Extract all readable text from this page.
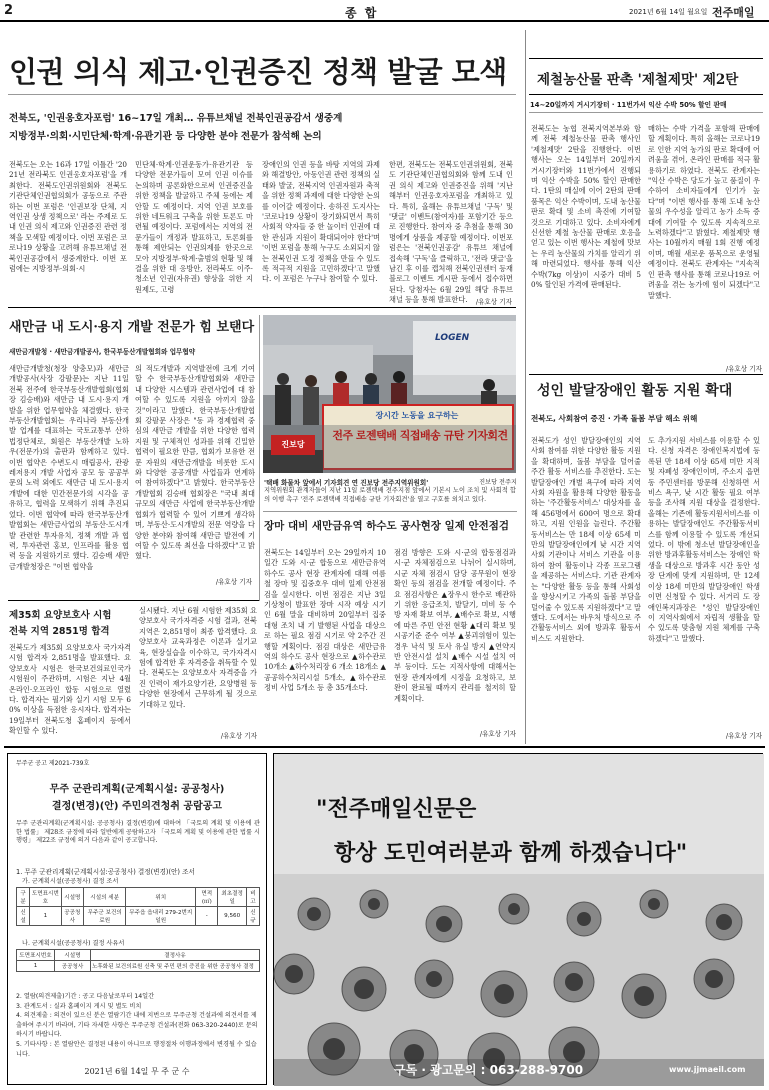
2	종 합	2021년 6월 14일 월요일 전주매일
인권 의식 제고·인권증진 정책 발굴 모색
전북도, '인권옹호자포럼' 16~17일 개최… 유튜브채널 전북인권공감서 생중계
지방정부·의회·시민단체·학계·유관기관 등 다양한 분야 전문가 참석해 논의
전북도는 오는 16과 17일 이틀간 '2021년 전라북도 인권옹호자포럼'을 개최한다. 전북도인권위원회와 전북도 기관단체인권협의회가 공동으로 주관하는 이번 포럼은 '인권보장 단체, 지역인권 상생 정책으로' 라는 주제로 도내 인권 의식 제고와 인권증진 관련 정책을 모색할 예정이다. 이번 포럼은 코로나19 상황을 고려해 유튜브채널 전북인권공감에서 생중계한다. 이번 포럼에는 지방정부·의회·시
민단체·학계·인권운동가·유관기관 등 다양한 전문가들이 모여 인권 이슈를 논의하며 공론화한으로써 인권증진을 위한 정책을 발굴하고 주체 등에는 제안할 도 예정이다. 지역 인권 보호를 위한 네트워크 구축을 위한 토론도 마련될 예정이다. 포럼에서는 지역의 전문가들이 개정과 발표하고, 토론회를 통해 제안되는 인권의제를 한곳으로 모아 지방정부·학계·출범의 현황 및 해결을 위한 대 응방안, 전라북도 이주·청소년 인권(자유권) 향상을 위한 지원제도, 고령
장애인의 인권 등을 바탕 지역의 과제와 해결방안, 아동인권 관련 정책의 실태와 발굴, 전북지역 인권자원과 축적을 위한 정책 과제에 대한 다양한 논의를 이어갈 예정이다. 송하진 도지사는 '코로나19 상황이 장기화되면서 특히 사회적 약자들 중 한 놀이터 인권에 대한 관심과 지원이 확대되어야 한다'며 '이번 포럼을 통해 누구도 소외되지 않는 전북인권 도정 정책을 만들 수 있도록 적극적 지원을 고민하겠다'고 말했다. 이 포럼은 누구나 참여할 수 있다.
한편, 전북도는 전북도인권위원회, 전북도 기관단체인권협의회와 함께 도내 인권 의식 제고와 인권증진을 위해 '지난해부터 인권옹호자포럼을 개최하고 있다. 특히, 올해는 유튜브채널 '구독' 및 '댓글' 이벤트(참여자)를 포함기간 등으로 진행한다. 참여자 중 추첨을 통해 30명에게 상품을 제공할 예정이다. 이번포럼은는 '전북인권공감' 유튜브 채널에 접속해 '구독'을 클릭하고, '전라 댓글'을 남긴 후 이를 캡처해 전북인권센터 등재 블로그 이벤트 게시판 등에서 접수하면 된다. 당첨자는 6월 29일 해당 유튜브채널 등을 통해 발표한다.	/유호상 기자
새만금 내 도시·용지 개발 전문가 힘 보탠다
새만금개발청 · 새만금개발공사, 한국부동산개발협회와 업무협약
새만금개발청(청장 양충모)과 새만금개발공사(사장 강팔문)는 지난 11일 전북 전주에 한국부동산개발협회(협회장 김승배)와 새만금 내 도시·용지 개발을 위한 업무협약을 체결했다. 한국부동산개발협회는 우리나라 부동산개발 업계를 대표하는 국토교통부 산하 법정단체로, 회원은 부동산개발 노하우(전문가)의 출판과 함께하고 있다. 이번 협약은 수변도시 매립공사, 관광레저용지 개발 사업자 공모 등 공공부문의 노력 외에도 새만금 내 도시·용지개발에 대한 민간전문가의 시각을 공유하고, 협력을 모색하기 위해 추진되었다. 이번 협약에 따라 한국부동산개발협회는 새만금사업의 부동산·도시개발 관련한 투자유치, 정책 개발 과 협력, 투자관련 홍보, 인프라를 활용 협력 등을 지원하기로 했다. 김승배 새만금개발청장은 "이번 협약을
의 적도개발과 지역발전에 크게 기여할 수 한국부동산개발협회와 새만금 내 다양한 시스템과 관련사업에 대 참여할 수 있도록 지원을 아끼지 않을 것"이라고 말했다. 한국부동산개발협회 강팔문 사장은 "동 과 경제협력 중심의 새만금 개발을 위한 다양한 협력 지원 및 구체적인 성과를 위해 긴밀한 협력이 필요한 만큼, 협회가 보유한 전문 자원의 새만금개발을 비롯한 도시와 다양한 공공개발 사업들과 연계하여 참여하겠다"고 밝혔다. 한국부동산개발협회 김승배 협회장은 "국내 최대 규모의 새만금 사업에 한국부동산개발협회가 협력할 수 있어 기쁘게 생각하며, 부동산·도시개발의 전문 역량을 다양한 분야와 참여해 새만금 발전에 기여할 수 있도록 최선을 다하겠다"고 밝혔다.
/유호상 기자
LOGEN
장시간 노동을 요구하는
전주 로젠택배 직접배송 규탄 기자회견
진보당
'택배 화물차 앞에서 기자회견 연 진보당 전주지역위원회'	진보당 전주지
지역위원회 관계자들이 지난 11일 로젠택배 전주지점 앞에서 기본시 노이 조치 및 사회적 합의 이행 촉구 '전주 로젠택배 직접배송 규탄 기자회견'을 열고 구호를 외치고 있다.
장마 대비 새만금유역 하수도 공사현장 일제 안전점검
전북도는 14일부터 오는 29일까지 10일간 도와 시·군 합동으로 새만금유역 하수도 공사 현장 관계자에 대해 여름철 장마 및 집중호우 대비 일제 안전점검을 실시한다. 이번 점검은 지난 3일 기상청이 발표한 장마 시작 예상 시기인 6월 말을 대비하며 20일부터 집중 대형 조치 내 기 발행된 사업을 대상으로 하는 필요 점검 시기로 약 2주간 진행할 계획이다. 점검 대상은 새만금유역의 하수도 공사 현장으로 ▲하수관로 10개소 ▲하수처리장 6 개소 18개소 ▲공공하수처리시설 5개소, ▲하수관로 정비 사업 5개소 등 총 35개소다.
점검 방향은 도와 시·군의 합동점검과 시·군 자체점검으로 나뉘어 실시하며, 시군 자체 점검시 담당 공무원이 현장 확인 등의 점검을 전개할 예정이다. 주요 점검사항은 ▲장우시 한수로 배관하기 위한 응급조치, 발달기, 미비 등 수방 자재 확보 여부, ▲배수로 확보, 시행에 따른 주민 안전 현황 ▲대리 확보 및 시공기준 준수 여부 ▲붕괴위험이 있는 경우 낙석 및 토사 유실 방지 ▲연약지반 안전시설 설치 ▲배수 시설 설치 여부 등이다. 도는 지적사항에 대해서는 현장 관계자에게 시정을 요청하고, 보완이 완료될 때까지 관리를 철저히 할 계획이다.
/유호상 기자
제35회 요양보호사 시험
전북 지역 2851명 합격
전북도가 제35회 요양보호사 국가자격시험 합격자 2,851명을 발표했다. 요양보호사 시험은 한국보건의료인국가시험원이 주관하며, 시험은 지난 4월 온라인·오프라인 합동 시험으로 열렸다. 합격자는 필기와 실기 시험 모두 60% 이상을 득점한 응시자다. 합격자는 19일부터 전북도청 홈페이지 등에서 확인할 수 있다.
실시됐다. 지난 6월 시험한 제35회 요양보호사 국가자격증 시험 결과, 전북 지역은 2,851명이 최종 합격했다. 요양보호사 교육과정은 이론과 실기교육, 현장실습을 이수하고, 국가자격시험에 합격한 후 자격증을 취득할 수 있다. 전북도는 요양보호사 자격증을 가진 인력이 재가요양기관, 요양병원 등 다양한 현장에서 근무하게 될 것으로 기대하고 있다.
/유호상 기자
제철농산물 판촉 '제철제맛' 제2탄
14~20일까지 거시기장터 · 11번가서 익산 수박 50% 할인 판매
전북도는 농협 전북지역본부와 함께 전북 제철농산물 판촉 행사인 '제철제맛' 2탄을 진행한다. 이번 행사는 오는 14일부터 20일까지 거시기장터와 11번가에서 진행되며 익산 수박을 50% 할인 판매한다. 1탄의 매실에 이어 2탄의 판매 품목은 익산 수박이며, 도내 농산물 판로 확대 및 소비 촉진에 기여할 것으로 기대하고 있다. 소비자에게 신선한 제철 농산물 판매로 호응을 얻고 있는 이번 행사는 제철에 맛보는 우리 농산물의 가치를 알리기 위해 마련되었다. 행사를 통해 익산 수박(7kg 이상)이 시중가 대비 50% 할인된 가격에 판매된다.
매하는 수박 가격을 포함해 판매에 할 계획이다. 특히 올해는 코로나19로 인한 지역 농가의 판로 확대에 어려움을 겪어, 온라인 판매를 적극 활용하기로 하였다. 전북도 관계자는 "익산 수박은 당도가 높고 품질이 우수하여 소비자들에게 인기가 높다"며 "이번 행사를 통해 도내 농산물의 우수성을 알리고 농가 소득 증대에 기여할 수 있도록 지속적으로 노력하겠다"고 밝혔다. 제철제맛 행사는 10월까지 매월 1회 진행 예정이며, 매월 새로운 품목으로 운영될 예정이다. 전북도 관계자는 "지속적인 판촉 행사를 통해 코로나19로 어려움을 겪는 농가에 힘이 되겠다"고 말했다.
/유호상 기자
성인 발달장애인 활동 지원 확대
전북도, 사회참여 증진 · 가족 돌봄 부담 해소 위해
전북도가 성인 발달장애인의 지역사회 참여를 위한 다양한 활동 지원을 확대하며, 돌봄 부담을 덜어줄 주간 활동 서비스를 추진한다. 도는 발달장애인 개별 욕구에 따라 지역사회 자원을 활용해 다양한 활동을 하는 '주간활동서비스' 대상자를 올해 456명에서 600여 명으로 확대하고, 지원 인원을 늘린다. 주간활동서비스는 만 18세 이상 65세 미만의 발달장애인에게 낮 시간 지역사회 기관이나 서비스 기관을 이용하여 참여 활동이나 각종 프로그램을 제공하는 서비스다. 기관 관계자는 "다양한 활동 등을 통해 사회성을 향상시키고 가족의 돌봄 부담을 덜어줄 수 있도록 지원하겠다"고 말했다. 도에서는 바우처 방식으로 주간활동서비스 외에 방과후 활동서비스도 지원한다.
도 추가지원 서비스를 이용할 수 있다. 신청 자격은 장애인복지법에 등록된 만 18세 이상 65세 미만 지적 및 자폐성 장애인이며, 주소지 읍면동 주민센터를 방문해 신청하면 서비스 욕구, 낮 시간 활동 필요 여부 등을 조사해 지원 대상을 결정한다. 올해는 기존에 활동지원서비스를 이용하는 발달장애인도 주간활동서비스를 함께 이용할 수 있도록 개선되었다. 이 밖에 청소년 발달장애인을 위한 방과후활동서비스는 장애인 학생을 대상으로 방과후 시간 동안 성장 단계에 맞게 지원하며, 만 12세 이상 18세 미만의 발달장애인 학생이면 신청할 수 있다. 서거리 도 장애인복지과장은 "성인 발달장애인이 지역사회에서 자립적 생활을 할 수 있도록 맞춤형 지원 체계를 구축하겠다"고 말했다.
/유호상 기자
무주군 공고 제2021-739호
무주 군관리계획(군계획시설: 공공청사)
결정(변경)(안) 주민의견청취 공람공고
무주 군관리계획(군계획시설: 공공청사) 결정(변경)에 대하여 「국토의 계획 및 이용에 관한 법률」 제28조 규정에 따라 일반에게 공람하고자 「국토의 계획 및 이용에 관한 법률 시행령」 제22조 규정에 의거 다음과 같이 공고합니다.
1. 무주 군관리계획(군계획시설:공공청사) 결정(변경)(안) 조서
가. 군계획시설(공공청사) 결정 조서
구분	도면표시번호	시설명	시설의 세분	위치	면적(㎡)	최초결정일	비고
신설	1	공공청사	무주군 보건의료원	무주읍 읍내리 279-2번지 일원	-	9,560	신규
나. 군계획시설(공공청사) 결정 사유서
도면표시번호	시설명	결정사유
1	공공청사	노후화된 보건의료원 신축 및 주민 편의 증진을 위한 공공청사 결정
2. 열람(의견제출)기간 : 공고 다음날로부터 14일간
3. 관계도서 : 실과 홈페이지 게시 및 별도 비치
4. 의견제출 : 의견이 있으신 분은 열람기간 내에 지번으로 무주군청 건설과에 의견서를 제출하여 주시기 바라며, 기타 자세한 사항은 무주군청 건설과(전화 063-320-2440)로 문의하시기 바랍니다.
5. 기타사항 : 본 열람안은 결정된 내용이 아니므로 행정절차 이행과정에서 변경될 수 있습니다.
2021년 6월 14일 무 주 군 수
"전주매일신문은
항상 도민여러분과 함께 하겠습니다"
구독 · 광고문의 : 063-288-9700	www.jjmaeil.com
